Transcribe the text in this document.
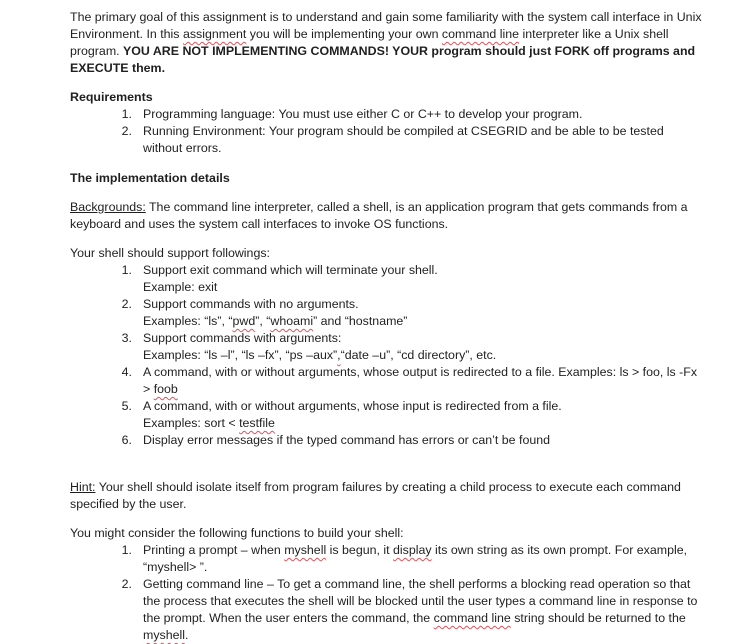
The primary goal of this assignment is to understand and gain some familiarity with the system call interface in Unix Environment. In this assignment you will be implementing your own command line interpreter like a Unix shell program. YOU ARE NOT IMPLEMENTING COMMANDS! YOUR program should just FORK off programs and EXECUTE them.

Requirements
1. Programming language: You must use either C or C++ to develop your program.
2. Running Environment: Your program should be compiled at CSEGRID and be able to be tested without errors.
The implementation details

Backgrounds: The command line interpreter, called a shell, is an application program that gets commands from a keyboard and uses the system call interfaces to invoke OS functions.

Your shell should support followings:
1. Support exit command which will terminate your shell.
Example: exit
2. Support commands with no arguments.
Examples: “ls”, “pwd”, “whoami” and “hostname”
3. Support commands with arguments:
Examples: “ls –l”, “ls –fx”, “ps –aux”,“date –u”, “cd directory”, etc.
4. A command, with or without arguments, whose output is redirected to a file. Examples: ls > foo, ls -Fx > foob
5. A command, with or without arguments, whose input is redirected from a file.
Examples: sort < testfile
6. Display error messages if the typed command has errors or can’t be found

Hint: Your shell should isolate itself from program failures by creating a child process to execute each command specified by the user.

You might consider the following functions to build your shell:
1. Printing a prompt – when myshell is begun, it display its own string as its own prompt. For example, “myshell> ”.
2. Getting command line – To get a command line, the shell performs a blocking read operation so that the process that executes the shell will be blocked until the user types a command line in response to the prompt. When the user enters the command, the command line string should be returned to the myshell.
